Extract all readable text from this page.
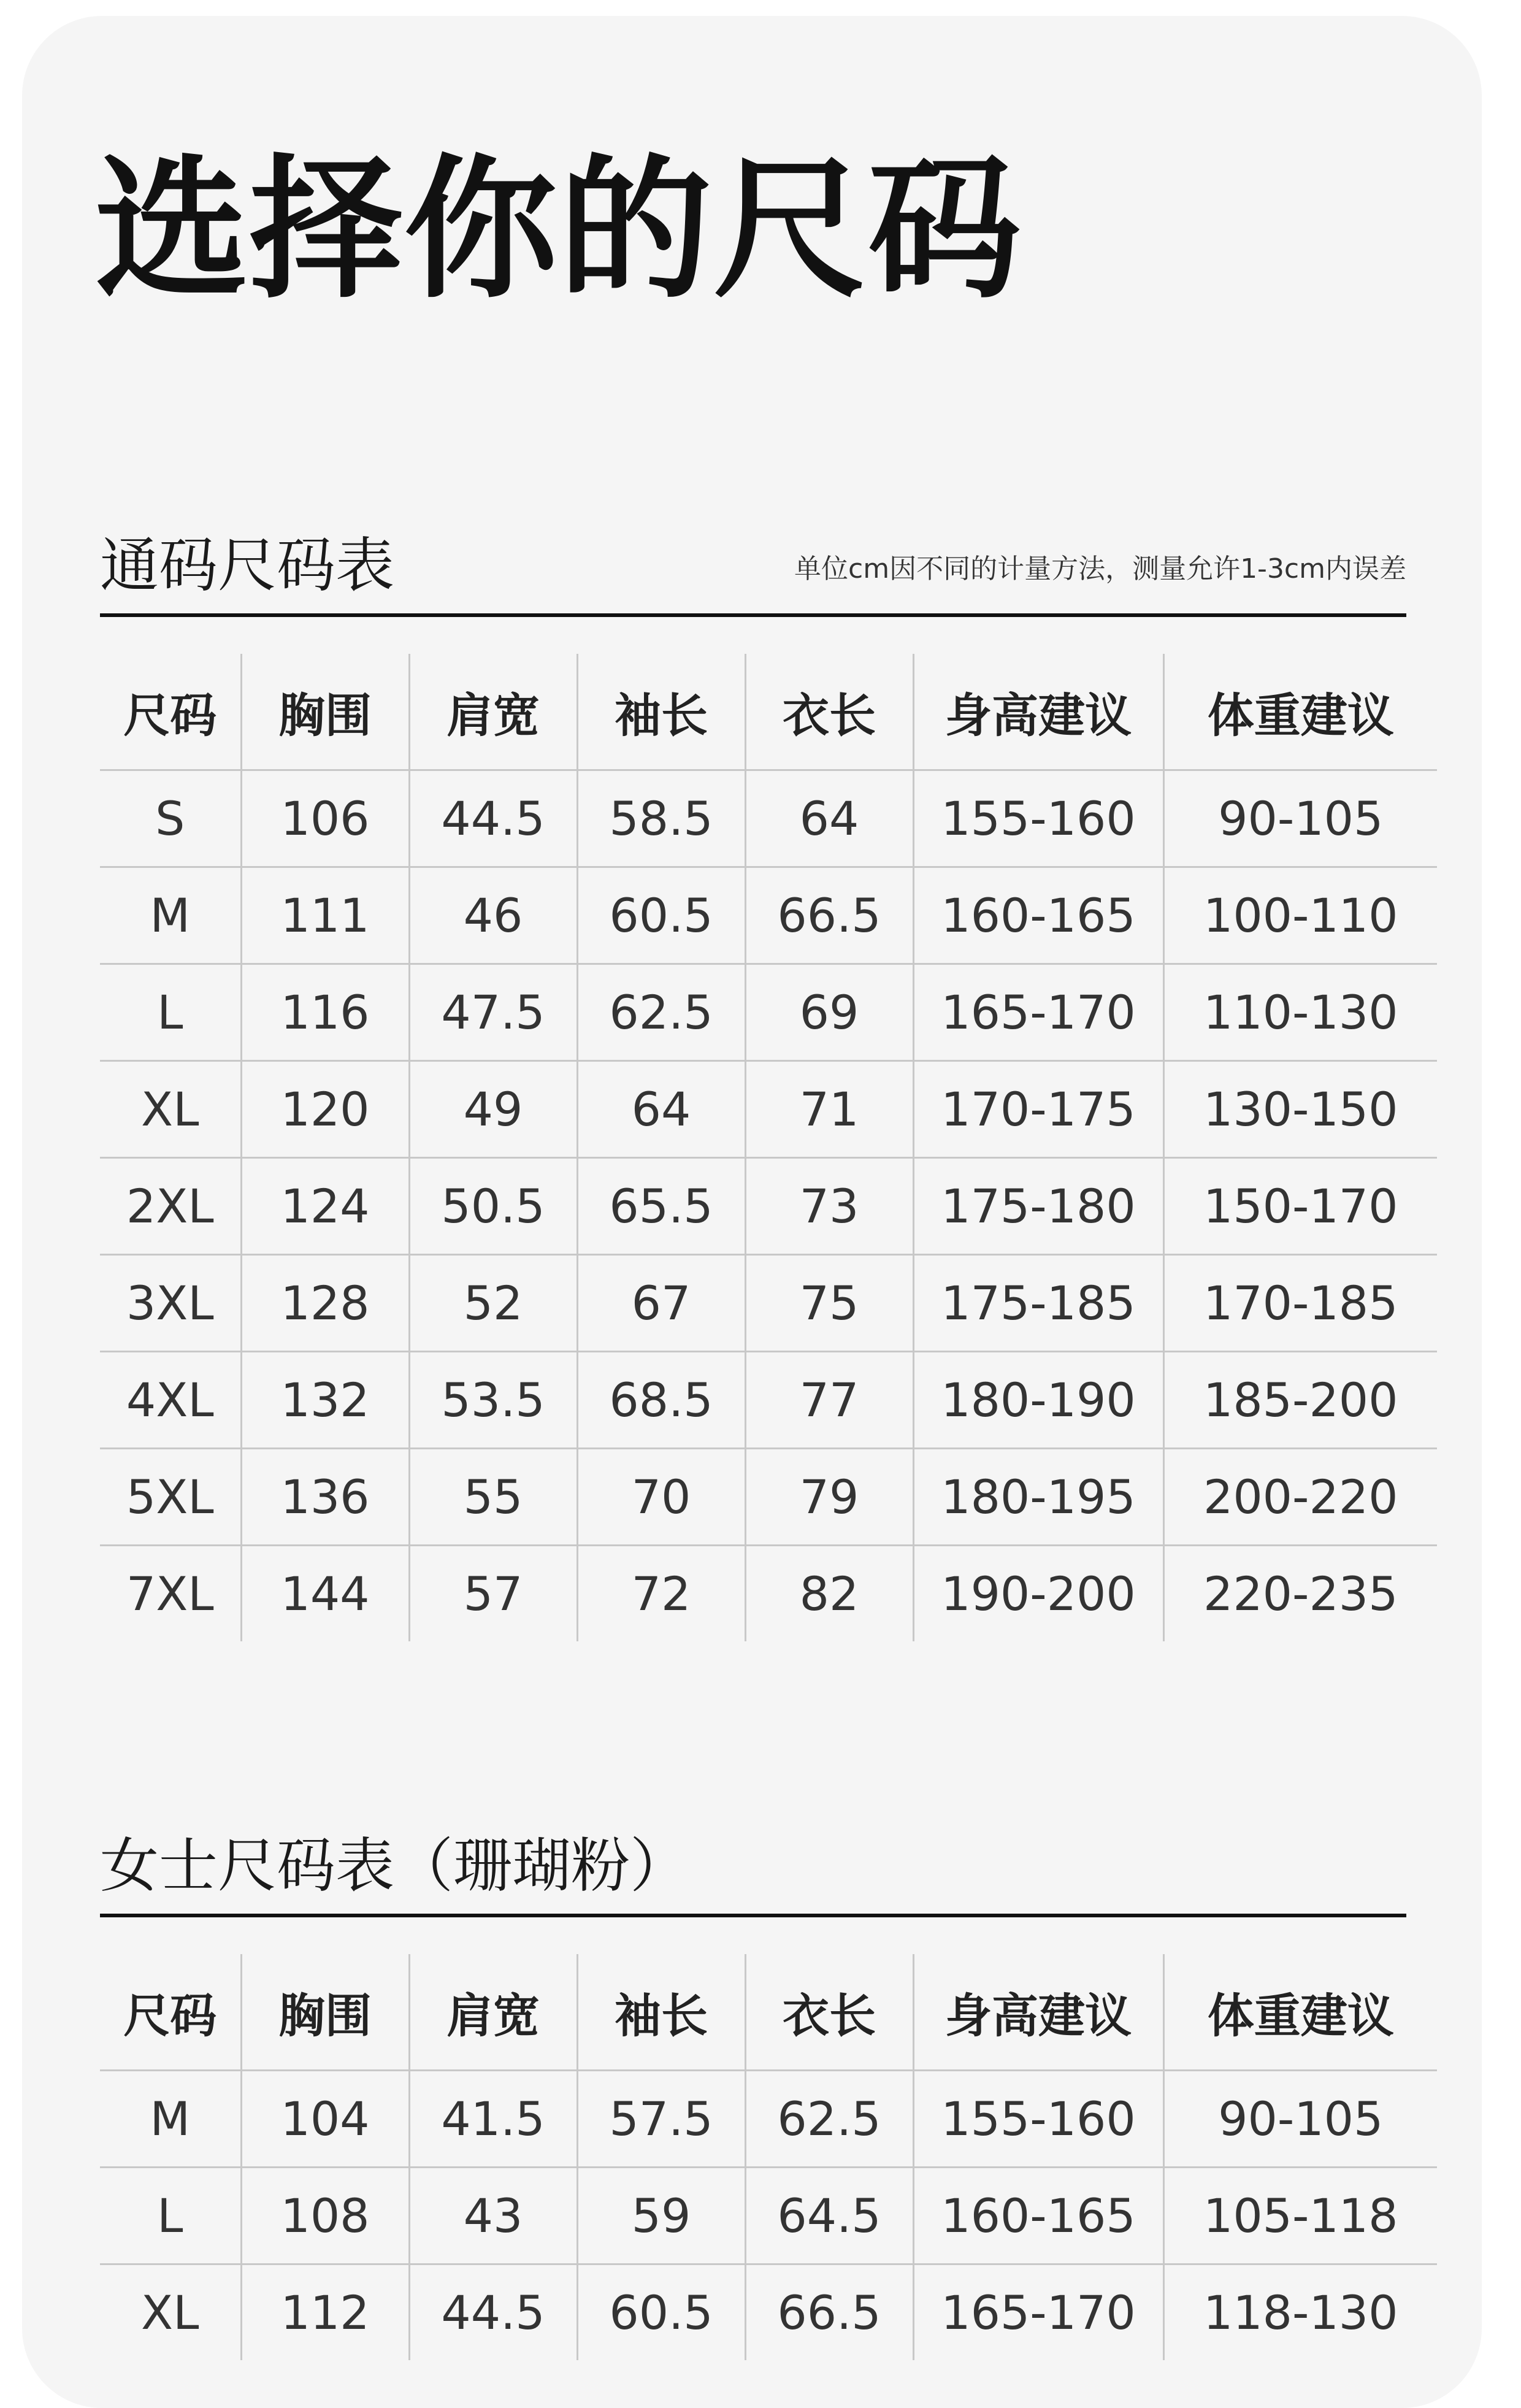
选择你的尺码
通码尺码表	单位cm因不同的计量方法，测量允许1-3cm内误差
尺码	胸围	肩宽	袖长	衣长	身高建议	体重建议
S	106	44.5	58.5	64	155-160	90-105
M	111	46	60.5	66.5	160-165	100-110
L	116	47.5	62.5	69	165-170	110-130
XL	120	49	64	71	170-175	130-150
2XL	124	50.5	65.5	73	175-180	150-170
3XL	128	52	67	75	175-185	170-185
4XL	132	53.5	68.5	77	180-190	185-200
5XL	136	55	70	79	180-195	200-220
7XL	144	57	72	82	190-200	220-235
女士尺码表（珊瑚粉）
尺码	胸围	肩宽	袖长	衣长	身高建议	体重建议
M	104	41.5	57.5	62.5	155-160	90-105
L	108	43	59	64.5	160-165	105-118
XL	112	44.5	60.5	66.5	165-170	118-130
